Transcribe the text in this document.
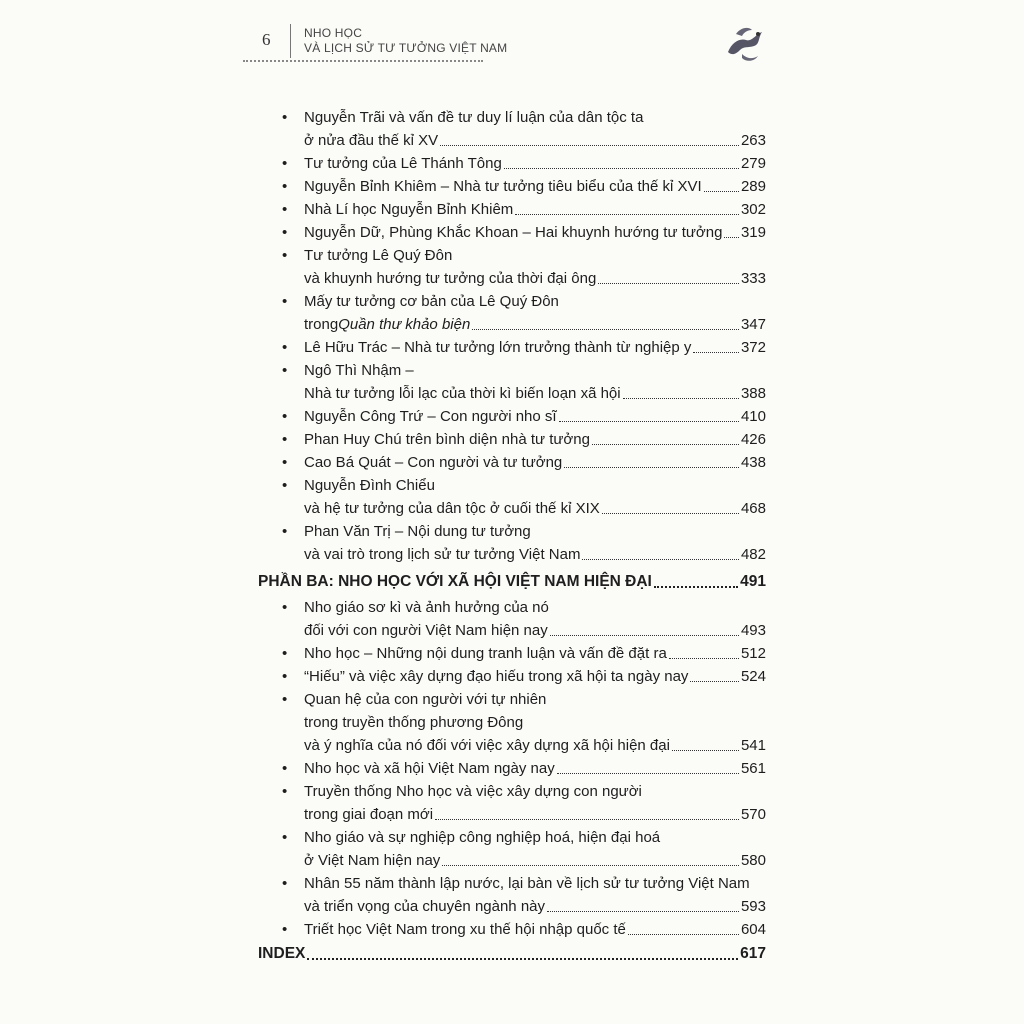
6	NHO HỌC
VÀ LỊCH SỬ TƯ TƯỞNG VIỆT NAM
• Nguyễn Trãi và vấn đề tư duy lí luận của dân tộc ta
ở nửa đầu thế kỉ XV	263
• Tư tưởng của Lê Thánh Tông	279
• Nguyễn Bỉnh Khiêm – Nhà tư tưởng tiêu biểu của thế kỉ XVI	289
• Nhà Lí học Nguyễn Bỉnh Khiêm	302
• Nguyễn Dữ, Phùng Khắc Khoan – Hai khuynh hướng tư tưởng 319
• Tư tưởng Lê Quý Đôn
và khuynh hướng tư tưởng của thời đại ông	333
• Mấy tư tưởng cơ bản của Lê Quý Đôn
trong Quần thư khảo biện	347
• Lê Hữu Trác – Nhà tư tưởng lớn trưởng thành từ nghiệp y	372
• Ngô Thì Nhậm –
Nhà tư tưởng lỗi lạc của thời kì biến loạn xã hội	388
• Nguyễn Công Trứ – Con người nho sĩ	410
• Phan Huy Chú trên bình diện nhà tư tưởng	426
• Cao Bá Quát – Con người và tư tưởng	438
• Nguyễn Đình Chiểu
và hệ tư tưởng của dân tộc ở cuối thế kỉ XIX	468
• Phan Văn Trị – Nội dung tư tưởng
và vai trò trong lịch sử tư tưởng Việt Nam	482
PHẦN BA: NHO HỌC VỚI XÃ HỘI VIỆT NAM HIỆN ĐẠI	491
• Nho giáo sơ kì và ảnh hưởng của nó
đối với con người Việt Nam hiện nay	493
• Nho học – Những nội dung tranh luận và vấn đề đặt ra	512
• “Hiếu” và việc xây dựng đạo hiếu trong xã hội ta ngày nay	524
• Quan hệ của con người với tự nhiên
trong truyền thống phương Đông
và ý nghĩa của nó đối với việc xây dựng xã hội hiện đại	541
• Nho học và xã hội Việt Nam ngày nay	561
• Truyền thống Nho học và việc xây dựng con người
trong giai đoạn mới	570
• Nho giáo và sự nghiệp công nghiệp hoá, hiện đại hoá
ở Việt Nam hiện nay	580
• Nhân 55 năm thành lập nước, lại bàn về lịch sử tư tưởng Việt Nam
và triển vọng của chuyên ngành này	593
• Triết học Việt Nam trong xu thế hội nhập quốc tế	604
INDEX	617
